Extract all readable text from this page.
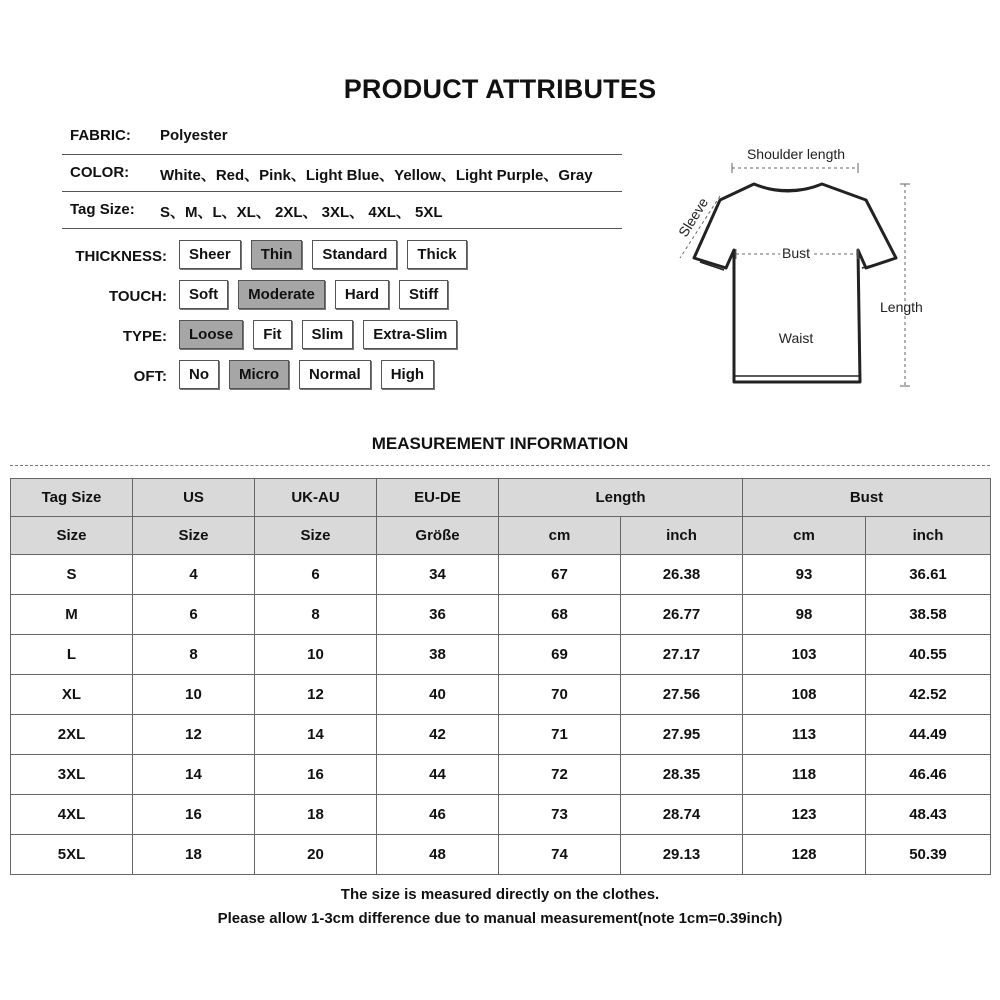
PRODUCT ATTRIBUTES
FABRIC: Polyester
COLOR: White、Red、Pink、Light Blue、Yellow、Light Purple、Gray
Tag Size: S、M、L、XL、 2XL、 3XL、 4XL、 5XL
THICKNESS:	Sheer	Thin	Standard	Thick
TOUCH:	Soft	Moderate	Hard	Stiff
TYPE:	Loose	Fit	Slim	Extra-Slim
OFT:	No	Micro	Normal	High
Shoulder length
Sleeve
Bust
Length
Waist
MEASUREMENT INFORMATION
Tag Size	US	UK-AU	EU-DE	Length		Bust	
Size	Size	Size	Größe	cm	inch	cm	inch
S	4	6	34	67	26.38	93	36.61
M	6	8	36	68	26.77	98	38.58
L	8	10	38	69	27.17	103	40.55
XL	10	12	40	70	27.56	108	42.52
2XL	12	14	42	71	27.95	113	44.49
3XL	14	16	44	72	28.35	118	46.46
4XL	16	18	46	73	28.74	123	48.43
5XL	18	20	48	74	29.13	128	50.39
The size is measured directly on the clothes.
Please allow 1-3cm difference due to manual measurement(note 1cm=0.39inch)
